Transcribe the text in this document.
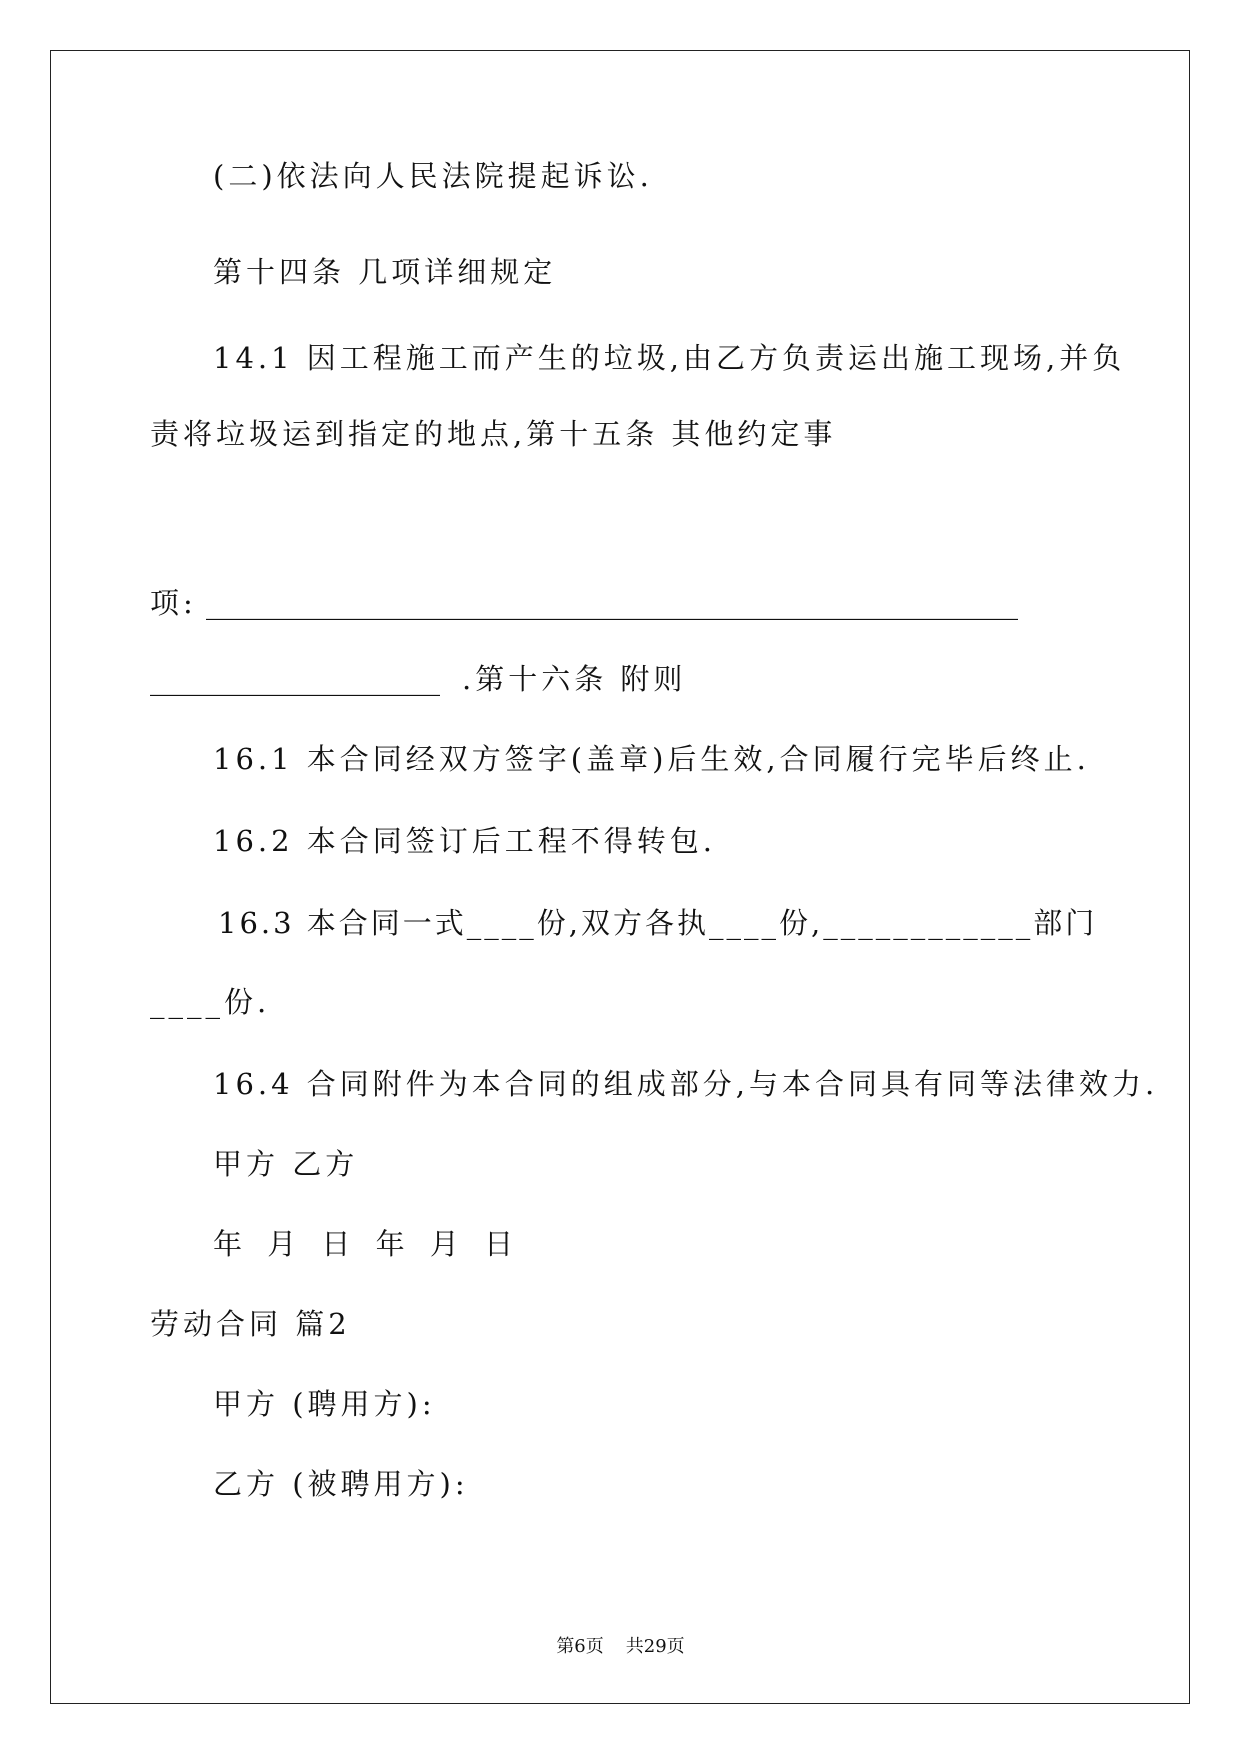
(二)依法向人民法院提起诉讼.
第十四条 几项详细规定
14.1 因工程施工而产生的垃圾,由乙方负责运出施工现场,并负
责将垃圾运到指定的地点,第十五条 其他约定事
项: ________________________________________________________
____________________ .第十六条 附则
16.1 本合同经双方签字(盖章)后生效,合同履行完毕后终止.
16.2 本合同签订后工程不得转包.
16.3 本合同一式____份,双方各执____份,____________部门
____份.
16.4 合同附件为本合同的组成部分,与本合同具有同等法律效力.
甲方 乙方
年 月 日 年 月 日
劳动合同 篇2
甲方 (聘用方):
乙方 (被聘用方):
第6页 共29页
